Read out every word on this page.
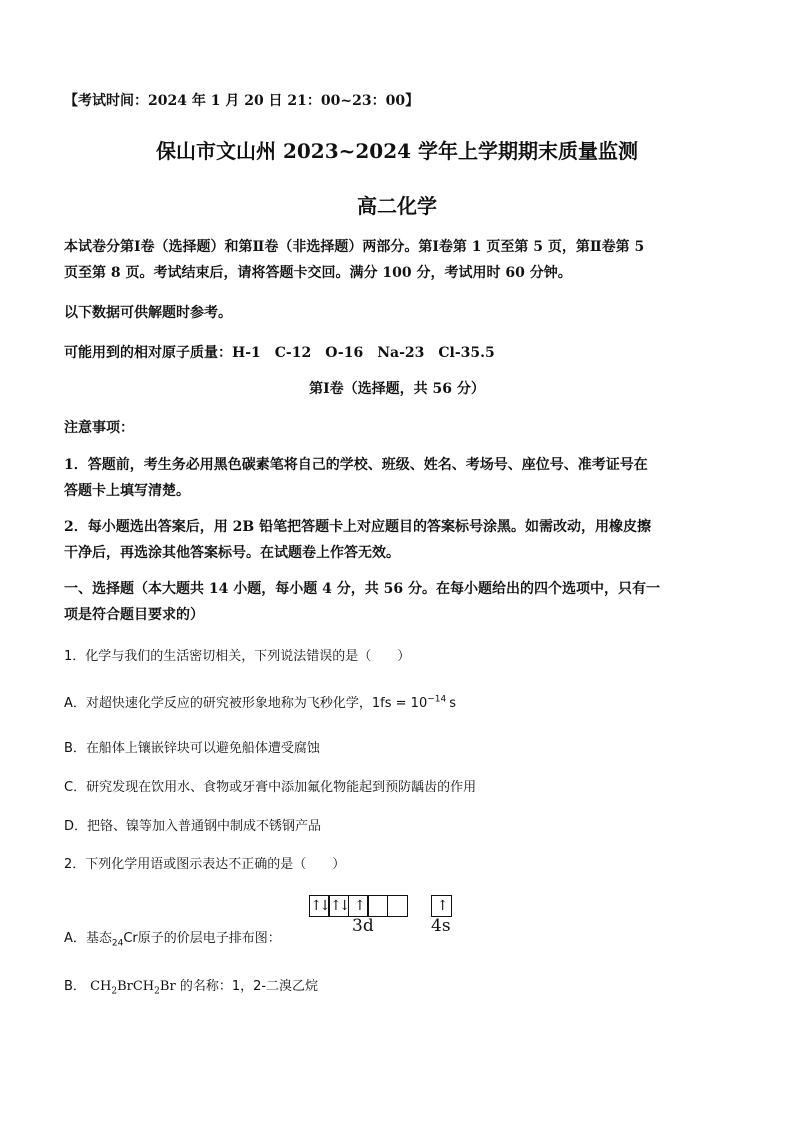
【考试时间：2024 年 1 月 20 日 21：00~23：00】
保山市文山州 2023~2024 学年上学期期末质量监测
高二化学
本试卷分第Ⅰ卷（选择题）和第Ⅱ卷（非选择题）两部分。第Ⅰ卷第 1 页至第 5 页，第Ⅱ卷第 5
页至第 8 页。考试结束后，请将答题卡交回。满分 100 分，考试用时 60 分钟。
以下数据可供解题时参考。
可能用到的相对原子质量：H-1　C-12　O-16　Na-23　Cl-35.5
第Ⅰ卷（选择题，共 56 分）
注意事项：
1．答题前，考生务必用黑色碳素笔将自己的学校、班级、姓名、考场号、座位号、准考证号在
答题卡上填写清楚。
2．每小题选出答案后，用 2B 铅笔把答题卡上对应题目的答案标号涂黑。如需改动，用橡皮擦
干净后，再选涂其他答案标号。在试题卷上作答无效。
一、选择题（本大题共 14 小题，每小题 4 分，共 56 分。在每小题给出的四个选项中，只有一
项是符合题目要求的）
1．化学与我们的生活密切相关，下列说法错误的是（　　）
A．对超快速化学反应的研究被形象地称为飞秒化学，$1fs = 10^{-14}$ s
B．在船体上镶嵌锌块可以避免船体遭受腐蚀
C．研究发现在饮用水、食物或牙膏中添加氟化物能起到预防龋齿的作用
D．把铬、镍等加入普通钢中制成不锈钢产品
2．下列化学用语或图示表达不正确的是（　　）
↑↓ ↑↓ ↑	↑
3d	4s
A．基态$_{24}$Cr原子的价层电子排布图：
B． $CH_2BrCH_2Br$ 的名称：1，2-二溴乙烷
